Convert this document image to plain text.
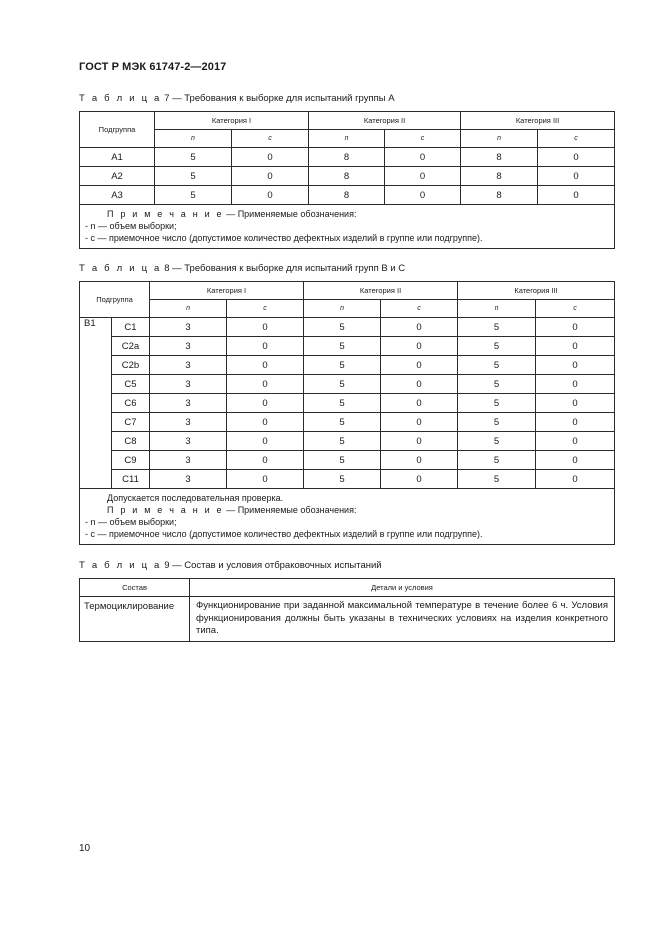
ГОСТ Р МЭК 61747-2—2017
Т а б л и ц а 7 — Требования к выборке для испытаний группы А
Подгруппа	Категория I		Категория II		Категория III	
	n	c	n	c	n	c
A1	5	0	8	0	8	0
A2	5	0	8	0	8	0
A3	5	0	8	0	8	0

П р и м е ч а н и е — Применяемые обозначения:
- n — объем выборки;
- c — приемочное число (допустимое количество дефектных изделий в группе или подгруппе).						
Т а б л и ц а 8 — Требования к выборке для испытаний групп В и С
Подгруппа		Категория I		Категория II		Категория III	
		n	c	n	c	n	c
B1	C1	3	0	5	0	5	0
	C2a	3	0	5	0	5	0
	C2b	3	0	5	0	5	0
	C5	3	0	5	0	5	0
	C6	3	0	5	0	5	0
	C7	3	0	5	0	5	0
	C8	3	0	5	0	5	0
	C9	3	0	5	0	5	0
	C11	3	0	5	0	5	0

Допускается последовательная проверка.
П р и м е ч а н и е — Применяемые обозначения:
- n — объем выборки;
- c — приемочное число (допустимое количество дефектных изделий в группе или подгруппе).							
Т а б л и ц а 9 — Состав и условия отбраковочных испытаний
Состав	Детали и условия
Термоциклирование	Функционирование при заданной максимальной температуре в течение более 6 ч. Условия функционирования должны быть указаны в технических условиях на изделия конкретного типа.
10
